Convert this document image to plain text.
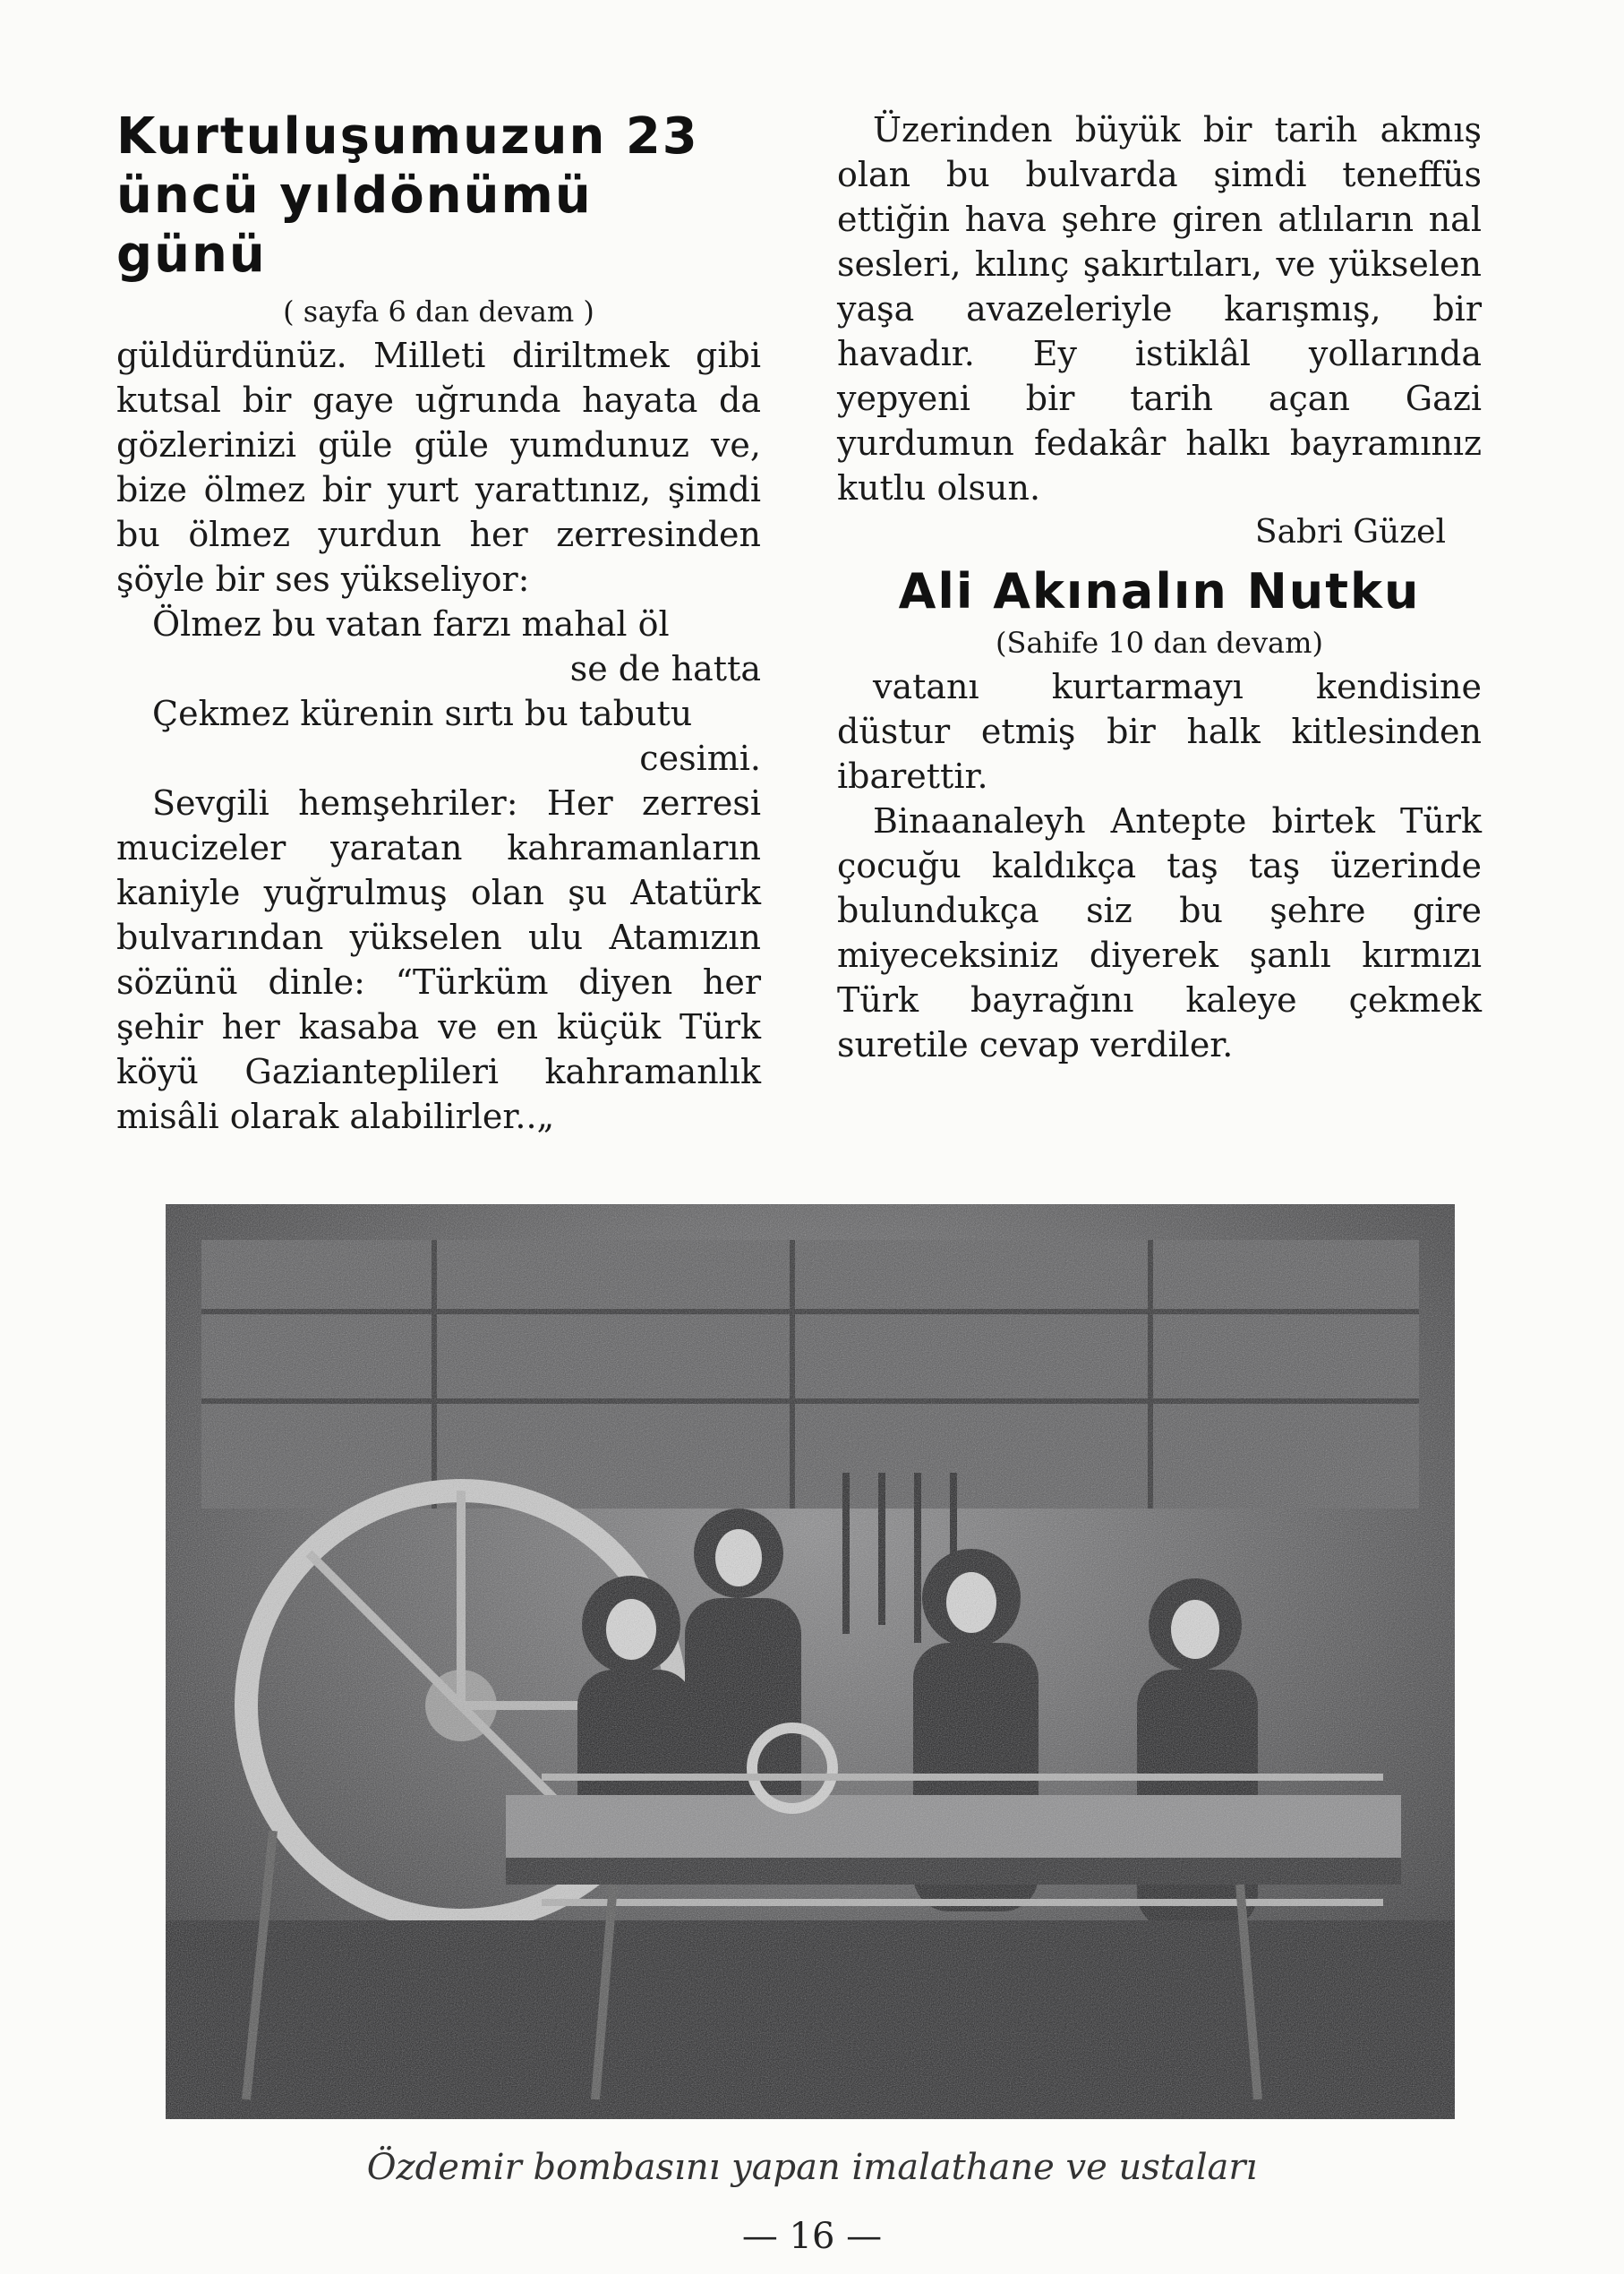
Kurtuluşumuzun 23
üncü yıldönümü günü

( sayfa 6 dan devam )

güldürdünüz. Milleti diriltmek gibi kutsal bir gaye uğrunda hayata da gözlerinizi güle güle yumdunuz ve, bize ölmez bir yurt yarattınız, şimdi bu ölmez yurdun her zerresinden şöyle bir ses yükseliyor:

Ölmez bu vatan farzı mahal öl
se de hatta
Çekmez kürenin sırtı bu tabutu
cesimi.

Sevgili hemşehriler: Her zerresi mucizeler yaratan kahramanların kaniyle yuğrulmuş olan şu Atatürk bulvarından yükselen ulu Atamızın sözünü dinle: “Türküm diyen her şehir her kasaba ve en küçük Türk köyü Gazianteplileri kahramanlık misâli olarak alabilirler..„

Üzerinden büyük bir tarih akmış olan bu bulvarda şimdi teneffüs ettiğin hava şehre giren atlıların nal sesleri, kılınç şakırtıları, ve yükselen yaşa avazeleriyle karışmış, bir havadır. Ey istiklâl yollarında yepyeni bir tarih açan Gazi yurdumun fedakâr halkı bayramınız kutlu olsun.

Sabri Güzel

Ali Akınalın Nutku

(Sahife 10 dan devam)

vatanı kurtarmayı kendisine düstur etmiş bir halk kitlesinden ibarettir.

Binaanaleyh Antepte birtek Türk çocuğu kaldıkça taş taş üzerinde bulundukça siz bu şehre gire miyeceksiniz diyerek şanlı kırmızı Türk bayrağını kaleye çekmek suretile cevap verdiler.

Özdemir bombasını yapan imalathane ve ustaları
— 16 —
